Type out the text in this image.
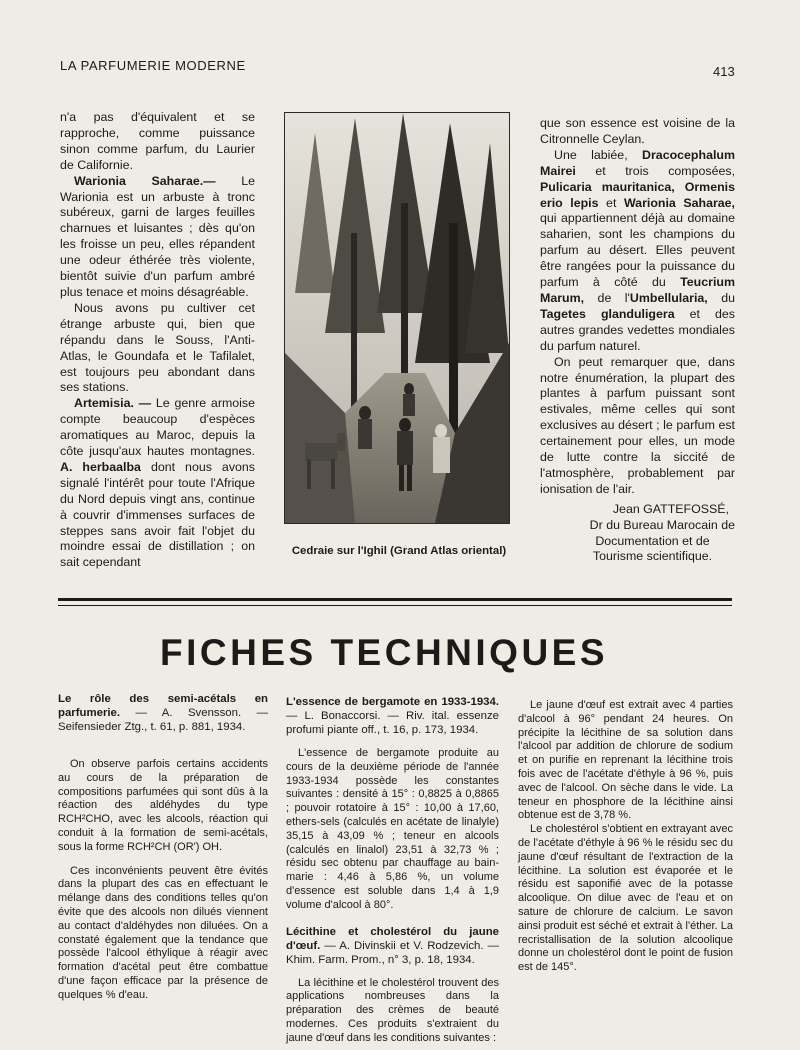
LA PARFUMERIE MODERNE	413

n'a pas d'équivalent et se rapproche, comme puissance sinon comme parfum, du Laurier de Californie.

Warionia Saharae.— Le Warionia est un arbuste à tronc subéreux, garni de larges feuilles charnues et luisantes ; dès qu'on les froisse un peu, elles répandent une odeur éthérée très violente, bientôt suivie d'un parfum ambré plus tenace et moins désagréable.

Nous avons pu cultiver cet étrange arbuste qui, bien que répandu dans le Souss, l'Anti-Atlas, le Goundafa et le Tafilalet, est toujours peu abondant dans ses stations.

Artemisia. — Le genre armoise compte beaucoup d'espèces aromatiques au Maroc, depuis la côte jusqu'aux hautes montagnes. A. herbaalba dont nous avons signalé l'intérêt pour toute l'Afrique du Nord depuis vingt ans, continue à couvrir d'immenses surfaces de steppes sans avoir fait l'objet du moindre essai de distillation ; on sait cependant

Cedraie sur l'Ighil (Grand Atlas oriental)

que son essence est voisine de la Citronnelle Ceylan.

Une labiée, Dracocephalum Mairei et trois composées, Pulicaria mauritanica, Ormenis erio lepis et Warionia Saharae, qui appartiennent déjà au domaine saharien, sont les champions du parfum au désert. Elles peuvent être rangées pour la puissance du parfum à côté du Teucrium Marum, de l'Umbellularia, du Tagetes glanduligera et des autres grandes vedettes mondiales du parfum naturel.

On peut remarquer que, dans notre énumération, la plupart des plantes à parfum puissant sont estivales, même celles qui sont exclusives au désert ; le parfum est certainement pour elles, un mode de lutte contre la siccité de l'atmosphère, probablement par ionisation de l'air.

Jean GATTEFOSSÉ,

Dr du Bureau Marocain de

Documentation et de

Tourisme scientifique.

FICHES TECHNIQUES
Le rôle des semi-acétals en parfumerie. — A. Svensson. — Seifensieder Ztg., t. 61, p. 881, 1934.

On observe parfois certains accidents au cours de la préparation de compositions parfumées qui sont dûs à la réaction des aldéhydes du type RCH²CHO, avec les alcools, réaction qui conduit à la formation de semi-acétals, sous la forme RCH²CH (OR') OH.

Ces inconvénients peuvent être évités dans la plupart des cas en effectuant le mélange dans des conditions telles qu'on évite que des alcools non dilués viennent au contact d'aldéhydes non diluées. On a constaté également que la tendance que possède l'alcool éthylique à réagir avec formation d'acétal peut être combattue d'une façon efficace par la présence de quelques % d'eau.

L'essence de bergamote en 1933-1934. — L. Bonaccorsi. — Riv. ital. essenze profumi piante off., t. 16, p. 173, 1934.

L'essence de bergamote produite au cours de la deuxième période de l'année 1933-1934 possède les constantes suivantes : densité à 15° : 0,8825 à 0,8865 ; pouvoir rotatoire à 15° : 10,00 à 17,60, ethers-sels (calculés en acétate de linalyle) 35,15 à 43,09 % ; teneur en alcools (calculés en linalol) 23,51 à 32,73 % ; résidu sec obtenu par chauffage au bain-marie : 4,46 à 5,86 %, un volume d'essence est soluble dans 1,4 à 1,9 volume d'alcool à 80°.

Lécithine et cholestérol du jaune d'œuf. — A. Divinskii et V. Rodzevich. — Khim. Farm. Prom., n° 3, p. 18, 1934.

La lécithine et le cholestérol trouvent des applications nombreuses dans la préparation des crèmes de beauté modernes. Ces produits s'extraient du jaune d'œuf dans les conditions suivantes :

Le jaune d'œuf est extrait avec 4 parties d'alcool à 96° pendant 24 heures. On précipite la lécithine de sa solution dans l'alcool par addition de chlorure de sodium et on purifie en reprenant la lécithine trois fois avec de l'acétate d'éthyle à 96 %, puis avec de l'alcool. On sèche dans le vide. La teneur en phosphore de la lécithine ainsi obtenue est de 3,78 %.

Le cholestérol s'obtient en extrayant avec de l'acétate d'éthyle à 96 % le résidu sec du jaune d'œuf résultant de l'extraction de la lécithine. La solution est évaporée et le résidu est saponifié avec de la potasse alcoolique. On dilue avec de l'eau et on sature de chlorure de calcium. Le savon ainsi produit est séché et extrait à l'éther. La recristallisation de la solution alcoolique donne un cholestérol dont le point de fusion est de 145°.
